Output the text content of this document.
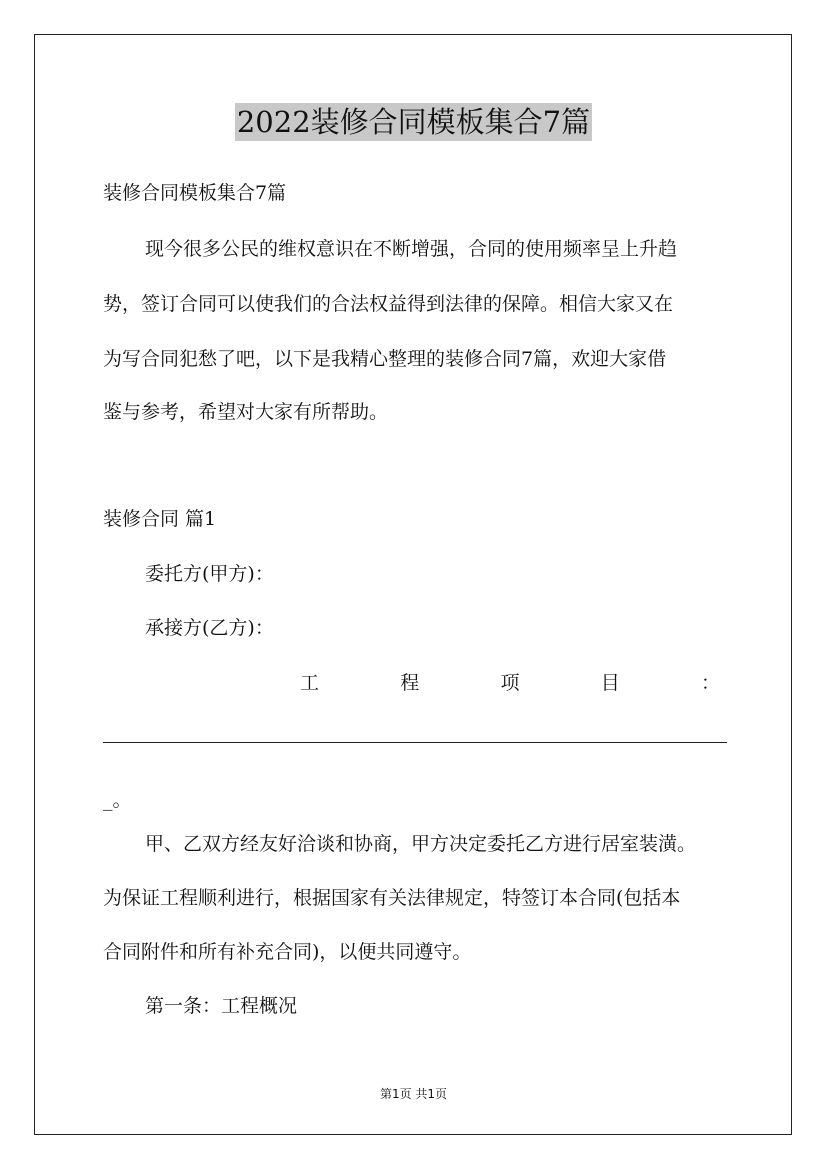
2022装修合同模板集合7篇
装修合同模板集合7篇
现今很多公民的维权意识在不断增强，合同的使用频率呈上升趋
势，签订合同可以使我们的合法权益得到法律的保障。相信大家又在
为写合同犯愁了吧，以下是我精心整理的装修合同7篇，欢迎大家借
鉴与参考，希望对大家有所帮助。
装修合同 篇1
委托方(甲方)：
承接方(乙方)：
工	程	项	目	：
_。
甲、乙双方经友好洽谈和协商，甲方决定委托乙方进行居室装潢。
为保证工程顺利进行，根据国家有关法律规定，特签订本合同(包括本
合同附件和所有补充合同)，以便共同遵守。
第一条：工程概况
第1页 共1页
